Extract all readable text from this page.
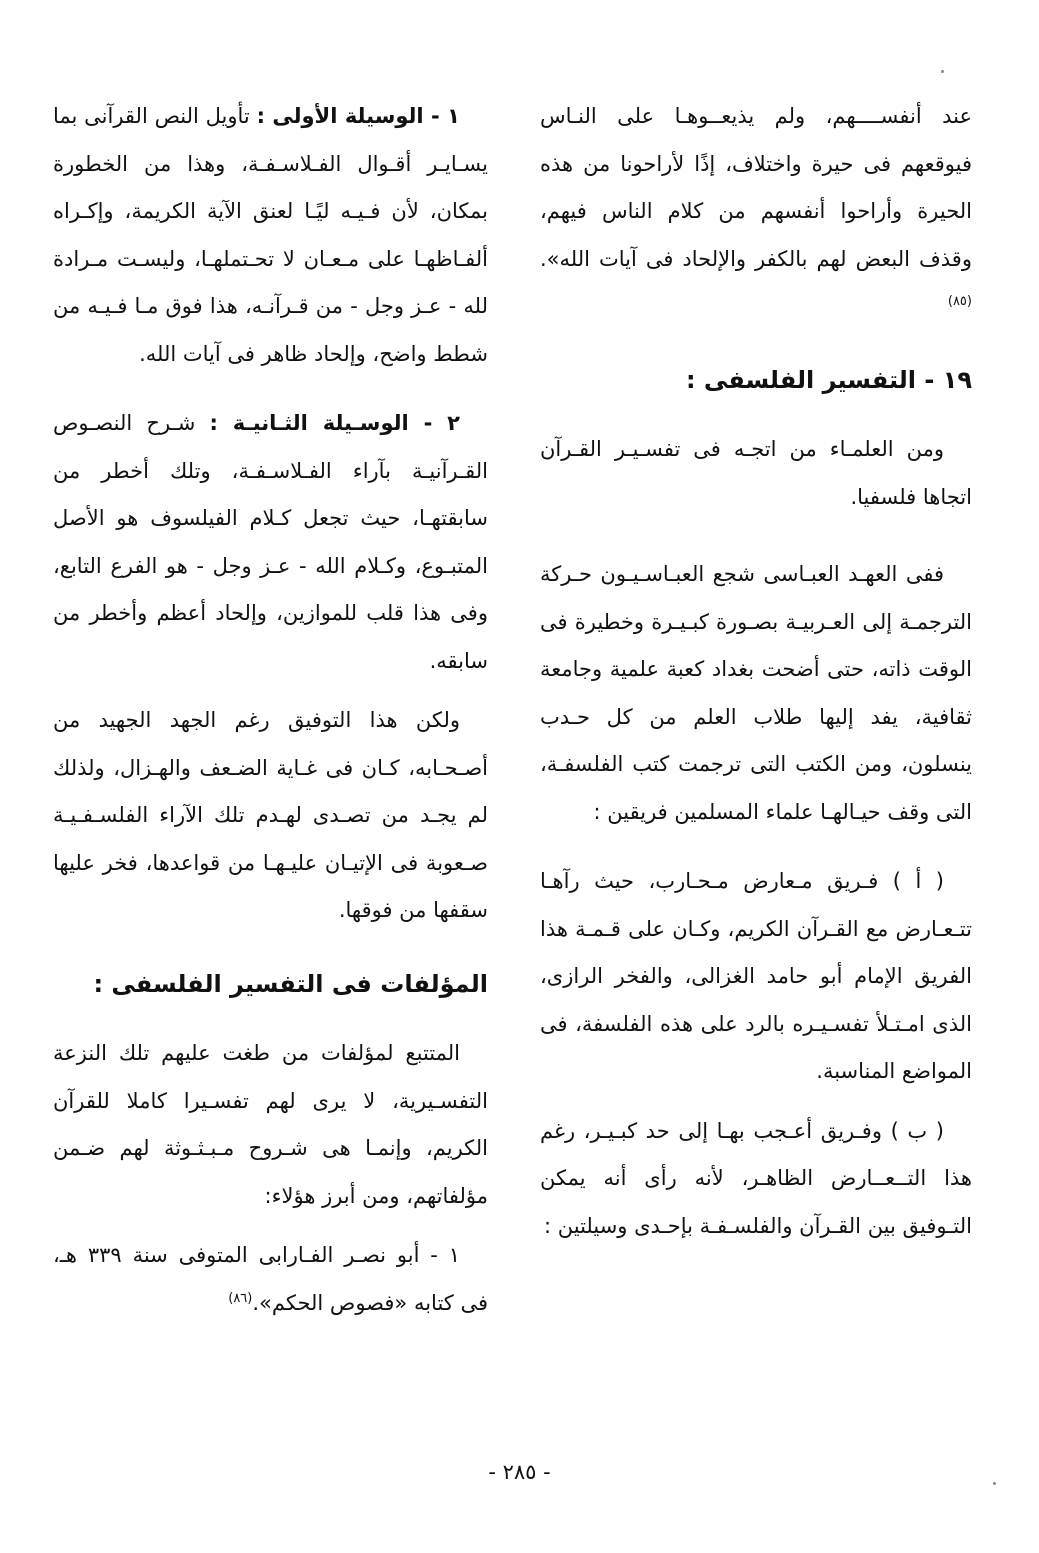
عند أنفســــهم، ولم يذيعــوهـا على النـاس فيوقعهم فى حيرة واختلاف، إذًا لأراحونا من هذه الحيرة وأراحوا أنفسهم من كلام الناس فيهم، وقذف البعض لهم بالكفر والإلحاد فى آيات الله».$^{(٨٥)}$

١٩ - التفسير الفلسفى :

ومن العلمـاء من اتجـه فى تفسـيـر القـرآن اتجاها فلسفيا.

ففى العهـد العبـاسى شجع العبـاسـيـون حـركة الترجمـة إلى العـربيـة بصـورة كبـيـرة وخطيرة فى الوقت ذاته، حتى أضحت بغداد كعبة علمية وجامعة ثقافية، يفد إليها طلاب العلم من كل حـدب ينسلون، ومن الكتب التى ترجمت كتب الفلسفـة، التى وقف حيـالهـا علماء المسلمين فريقين :

( أ ) فـريق مـعارض مـحـارب، حيث رآهـا تتـعـارض مع القـرآن الكريم، وكـان على قـمـة هذا الفريق الإمام أبو حامد الغزالى، والفخر الرازى، الذى امـتـلأ تفسـيـره بالرد على هذه الفلسفة، فى المواضع المناسبة.

( ب ) وفـريق أعـجب بهـا إلى حد كبـيـر، رغم هذا التــعــارض الظاهـر، لأنه رأى أنه يمكن التـوفيق بين القـرآن والفلسـفـة بإحـدى وسيلتين :

١ - الوسيلة الأولى : تأويل النص القرآنى بما يسـايـر أقـوال الفـلاسـفـة، وهذا من الخطورة بمكان، لأن فـيـه ليًـا لعنق الآية الكريمة، وإكـراه ألفـاظهـا على مـعـان لا تحـتملهـا، وليسـت مـرادة لله - عـز وجل - من قـرآنـه، هذا فوق مـا فـيـه من شطط واضح، وإلحاد ظاهر فى آيات الله.

٢ - الوسـيلة الثـانيـة : شـرح النصـوص القـرآنيـة بآراء الفـلاسـفـة، وتلك أخطر من سابقتهـا، حيث تجعل كـلام الفيلسوف هو الأصل المتبـوع، وكـلام الله - عـز وجل - هو الفرع التابع، وفى هذا قلب للموازين، وإلحاد أعظم وأخطر من سابقه.

ولكن هذا التوفيق رغم الجهد الجهيد من أصـحـابه، كـان فى غـاية الضـعف والهـزال، ولذلك لم يجـد من تصـدى لهـدم تلك الآراء الفلسـفـيـة صـعوبة فى الإتيـان عليـهـا من قواعدها، فخر عليها سقفها من فوقها.

المؤلفات فى التفسير الفلسفى :

المتتبع لمؤلفات من طغت عليهم تلك النزعة التفسـيرية، لا يرى لهم تفسـيرا كاملا للقرآن الكريم، وإنمـا هى شـروح مـبـثـوثة لهم ضـمن مؤلفاتهم، ومن أبرز هؤلاء:

١ - أبو نصـر الفـارابى المتوفى سنة ٣٣٩ هـ، فى كتابه «فصوص الحكم».$^{(٨٦)}$

- ٢٨٥ -
